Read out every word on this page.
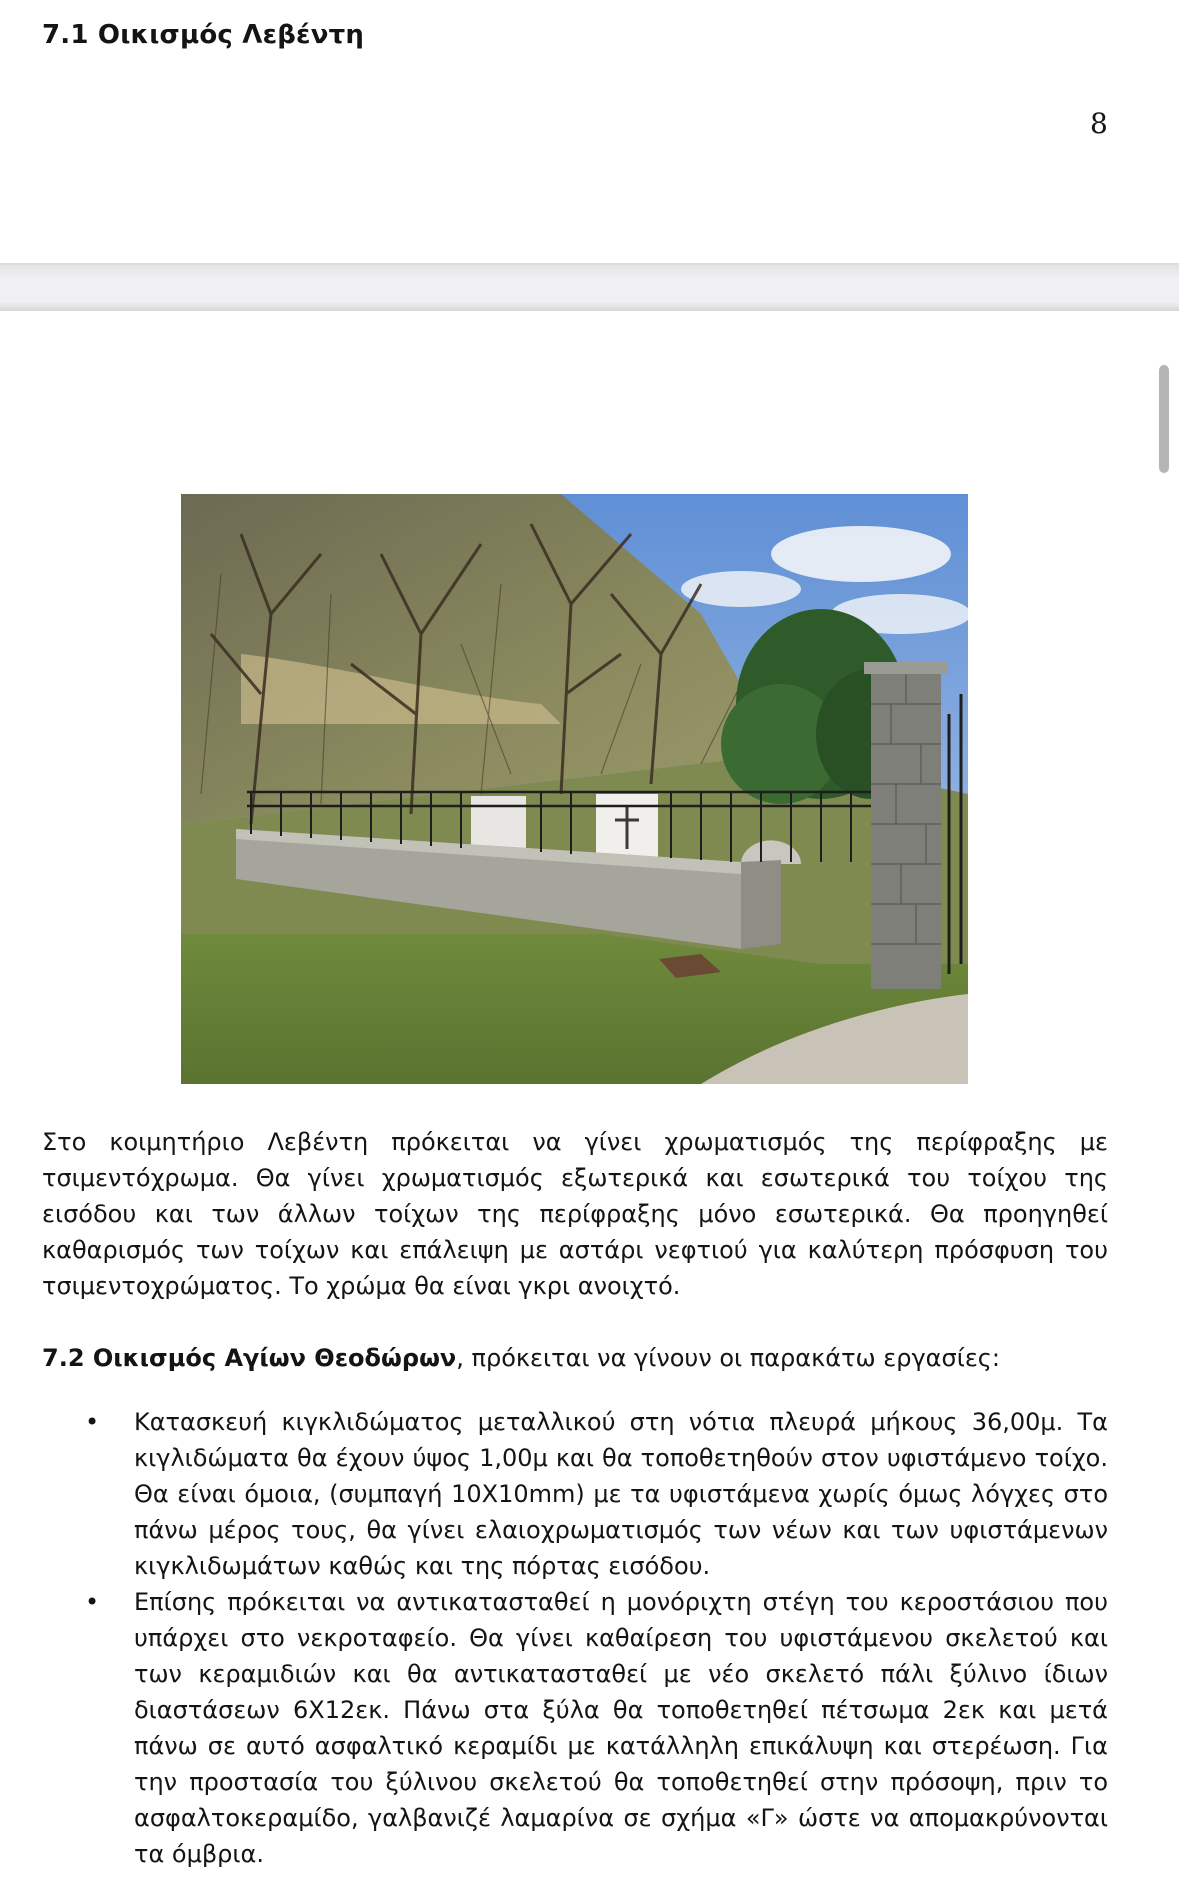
7.1 Οικισμός Λεβέντη
8

Στο κοιμητήριο Λεβέντη πρόκειται να γίνει χρωματισμός της περίφραξης με τσιμεντόχρωμα. Θα γίνει χρωματισμός εξωτερικά και εσωτερικά του τοίχου της εισόδου και των άλλων τοίχων της περίφραξης μόνο εσωτερικά. Θα προηγηθεί καθαρισμός των τοίχων και επάλειψη με αστάρι νεφτιού για καλύτερη πρόσφυση του τσιμεντοχρώματος. Το χρώμα θα είναι γκρι ανοιχτό.

7.2 Οικισμός Αγίων Θεοδώρων, πρόκειται να γίνουν οι παρακάτω εργασίες:
• Κατασκευή κιγκλιδώματος μεταλλικού στη νότια πλευρά μήκους 36,00μ. Τα κιγλιδώματα θα έχουν ύψος 1,00μ και θα τοποθετηθούν στον υφιστάμενο τοίχο. Θα είναι όμοια, (συμπαγή 10Χ10mm) με τα υφιστάμενα χωρίς όμως λόγχες στο πάνω μέρος τους, θα γίνει ελαιοχρωματισμός των νέων και των υφιστάμενων κιγκλιδωμάτων καθώς και της πόρτας εισόδου.
• Επίσης πρόκειται να αντικατασταθεί η μονόριχτη στέγη του κεροστάσιου που υπάρχει στο νεκροταφείο. Θα γίνει καθαίρεση του υφιστάμενου σκελετού και των κεραμιδιών και θα αντικατασταθεί με νέο σκελετό πάλι ξύλινο ίδιων διαστάσεων 6Χ12εκ. Πάνω στα ξύλα θα τοποθετηθεί πέτσωμα 2εκ και μετά πάνω σε αυτό ασφαλτικό κεραμίδι με κατάλληλη επικάλυψη και στερέωση. Για την προστασία του ξύλινου σκελετού θα τοποθετηθεί στην πρόσοψη, πριν το ασφαλτοκεραμίδο, γαλβανιζέ λαμαρίνα σε σχήμα «Γ» ώστε να απομακρύνονται τα όμβρια.
